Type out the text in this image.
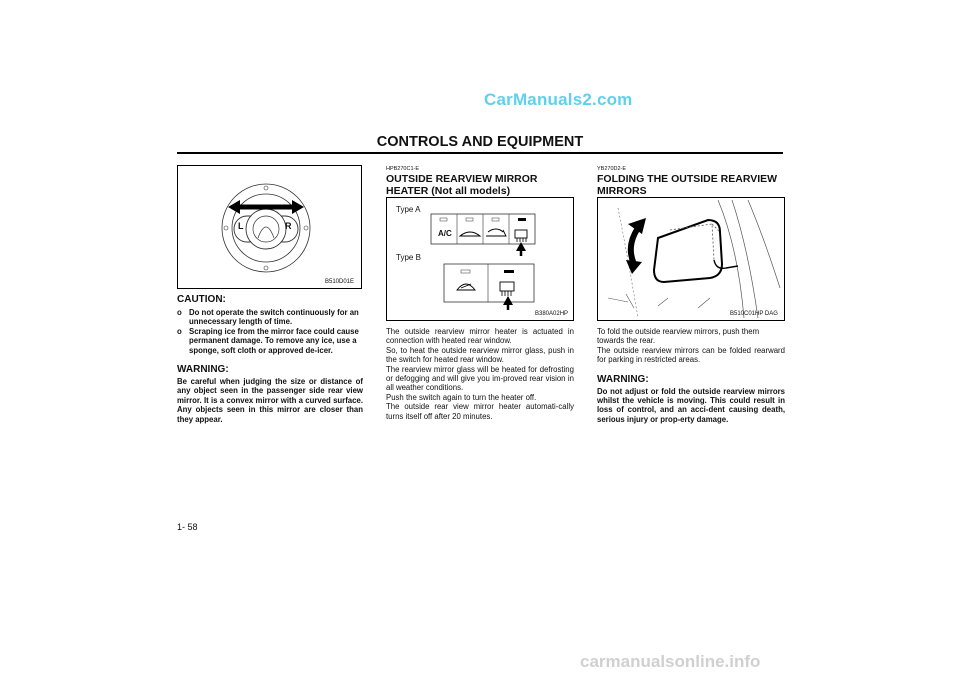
CarManuals2.com
CONTROLS AND EQUIPMENT
L	R
B510D01E
CAUTION:
o Do not operate the switch continuously for an unnecessary length of time.
o Scraping ice from the mirror face could cause permanent damage. To remove any ice, use a sponge, soft cloth or approved de-icer.
WARNING:
Be careful when judging the size or distance of any object seen in the passenger side rear view mirror. It is a convex mirror with a curved surface. Any objects seen in this mirror are closer than they appear.
HPB270C1-E
OUTSIDE REARVIEW MIRROR
HEATER (Not all models)
Type A
Type B
A/C
B380A02HP
The outside rearview mirror heater is actuated in connection with heated rear window.
So, to heat the outside rearview mirror glass, push in the switch for heated rear window.
The rearview mirror glass will be heated for defrosting or defogging and will give you im-proved rear vision in all weather conditions.
Push the switch again to turn the heater off.
The outside rear view mirror heater automati-cally turns itself off after 20 minutes.
YB270D2-E
FOLDING THE OUTSIDE REARVIEW
MIRRORS
B510C01HP DAG
To fold the outside rearview mirrors, push them towards the rear.
The outside rearview mirrors can be folded rearward for parking in restricted areas.
WARNING:
Do not adjust or fold the outside rearview mirrors whilst the vehicle is moving. This could result in loss of control, and an acci-dent causing death, serious injury or prop-erty damage.
1- 58
carmanualsonline.info
